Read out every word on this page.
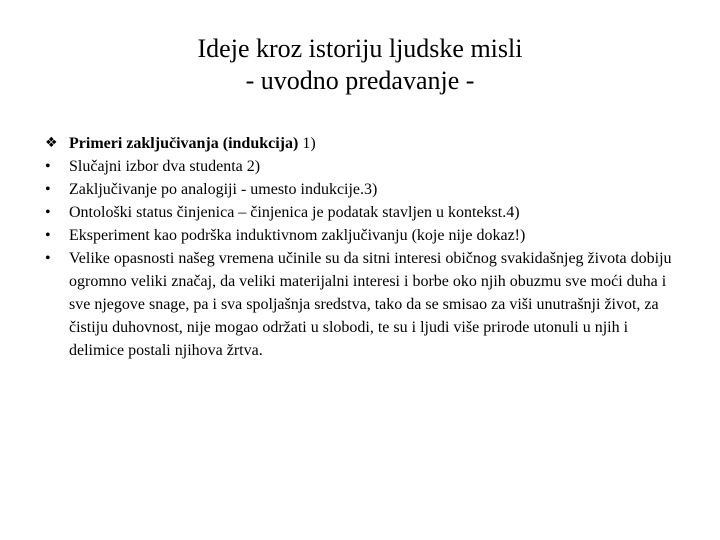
Ideje kroz istoriju ljudske misli
- uvodno predavanje -
❖ Primeri zaključivanja (indukcija) 1)
•	Slučajni izbor dva studenta 2)
•	Zaključivanje po analogiji - umesto indukcije.3)
•	Ontološki status činjenica – činjenica je podatak stavljen u kontekst.4)
•	Eksperiment kao podrška induktivnom zaključivanju (koje nije dokaz!)
•	Velike opasnosti našeg vremena učinile su da sitni interesi običnog svakidašnjeg života dobiju ogromno veliki značaj, da veliki materijalni interesi i borbe oko njih obuzmu sve moći duha i sve njegove snage, pa i sva spoljašnja sredstva, tako da se smisao za viši unutrašnji život, za čistiju duhovnost, nije mogao održati u slobodi, te su i ljudi više prirode utonuli u njih i delimice postali njihova žrtva.
